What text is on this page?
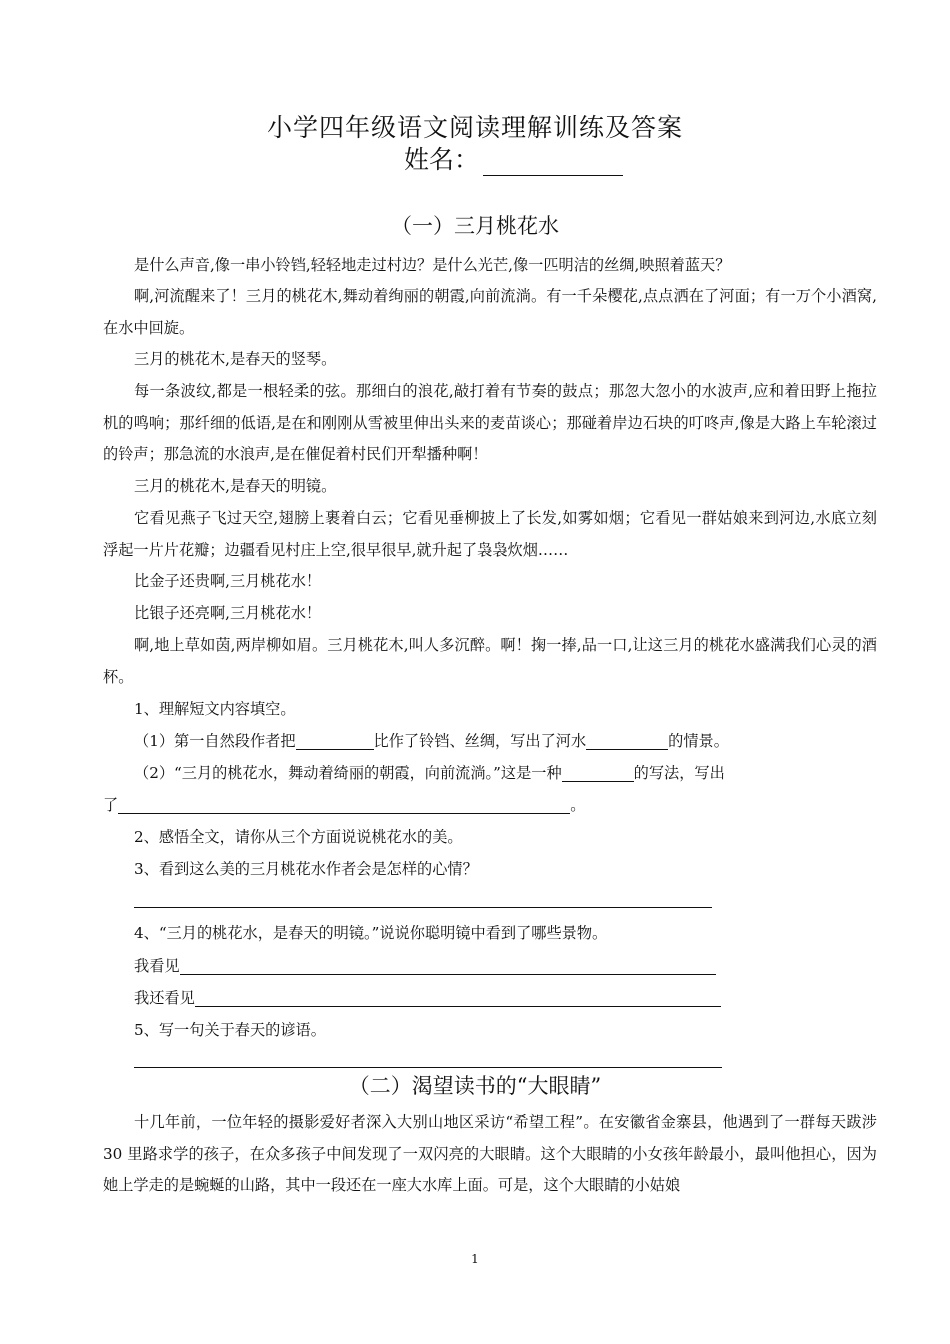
小学四年级语文阅读理解训练及答案
姓名：
（一）三月桃花水
是什么声音,像一串小铃铛,轻轻地走过村边？是什么光芒,像一匹明洁的丝绸,映照着蓝天？
啊,河流醒来了！三月的桃花木,舞动着绚丽的朝霞,向前流淌。有一千朵樱花,点点洒在了河面；有一万个小酒窝,在水中回旋。
三月的桃花木,是春天的竖琴。
每一条波纹,都是一根轻柔的弦。那细白的浪花,敲打着有节奏的鼓点；那忽大忽小的水波声,应和着田野上拖拉机的鸣响；那纤细的低语,是在和刚刚从雪被里伸出头来的麦苗谈心；那碰着岸边石块的叮咚声,像是大路上车轮滚过的铃声；那急流的水浪声,是在催促着村民们开犁播种啊！
三月的桃花木,是春天的明镜。
它看见燕子飞过天空,翅膀上裹着白云；它看见垂柳披上了长发,如雾如烟；它看见一群姑娘来到河边,水底立刻浮起一片片花瓣；边疆看见村庄上空,很早很早,就升起了袅袅炊烟……
比金子还贵啊,三月桃花水！
比银子还亮啊,三月桃花水！
啊,地上草如茵,两岸柳如眉。三月桃花木,叫人多沉醉。啊！掬一捧,品一口,让这三月的桃花水盛满我们心灵的酒杯。
1、理解短文内容填空。
（1）第一自然段作者把	比作了铃铛、丝绸，写出了河水	的情景。
（2）“三月的桃花水，舞动着绮丽的朝霞，向前流淌。”这是一种	的写法，写出
了	。
2、感悟全文，请你从三个方面说说桃花水的美。
3、看到这么美的三月桃花水作者会是怎样的心情？
4、“三月的桃花水，是春天的明镜。”说说你聪明镜中看到了哪些景物。
我看见
我还看见
5、写一句关于春天的谚语。
（二）渴望读书的“大眼睛”
十几年前，一位年轻的摄影爱好者深入大别山地区采访“希望工程”。在安徽省金寨县，他遇到了一群每天跋涉 30 里路求学的孩子，在众多孩子中间发现了一双闪亮的大眼睛。这个大眼睛的小女孩年龄最小，最叫他担心，因为她上学走的是蜿蜒的山路，其中一段还在一座大水库上面。可是，这个大眼睛的小姑娘
1
